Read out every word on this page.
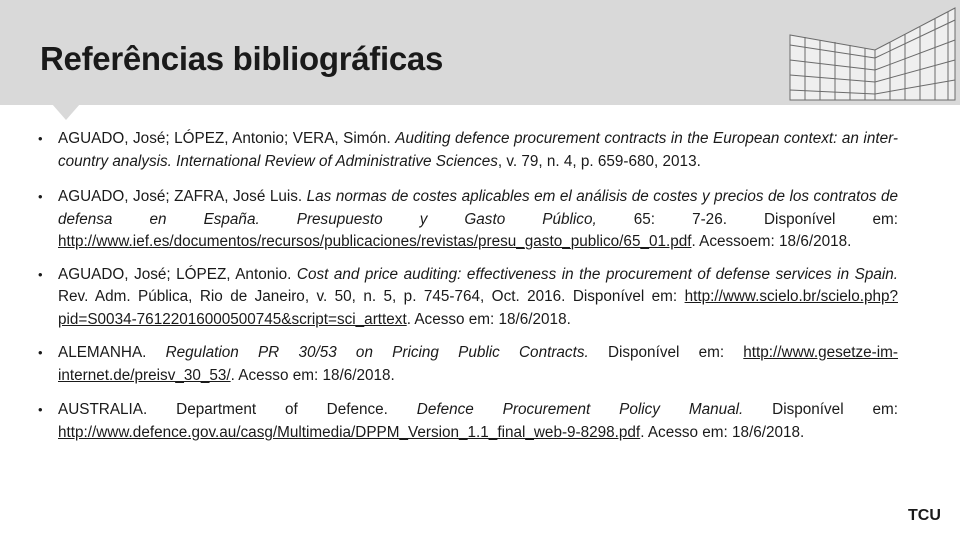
Referências bibliográficas
• AGUADO, José; LÓPEZ, Antonio; VERA, Simón. Auditing defence procurement contracts in the European context: an inter-country analysis. International Review of Administrative Sciences, v. 79, n. 4, p. 659-680, 2013.
• AGUADO, José; ZAFRA, José Luis. Las normas de costes aplicables em el análisis de costes y precios de los contratos de defensa en España. Presupuesto y Gasto Público, 65: 7-26. Disponível em: http://www.ief.es/documentos/recursos/publicaciones/revistas/presu_gasto_publico/65_01.pdf. Acessoem: 18/6/2018.
• AGUADO, José; LÓPEZ, Antonio. Cost and price auditing: effectiveness in the procurement of defense services in Spain. Rev. Adm. Pública, Rio de Janeiro, v. 50, n. 5, p. 745-764, Oct. 2016. Disponível em: http://www.scielo.br/scielo.php?pid=S0034-76122016000500745&script=sci_arttext. Acesso em: 18/6/2018.
• ALEMANHA. Regulation PR 30/53 on Pricing Public Contracts. Disponível em: http://www.gesetze-im-internet.de/preisv_30_53/. Acesso em: 18/6/2018.
• AUSTRALIA. Department of Defence. Defence Procurement Policy Manual. Disponível em: http://www.defence.gov.au/casg/Multimedia/DPPM_Version_1.1_final_web-9-8298.pdf. Acesso em: 18/6/2018.
TCU
